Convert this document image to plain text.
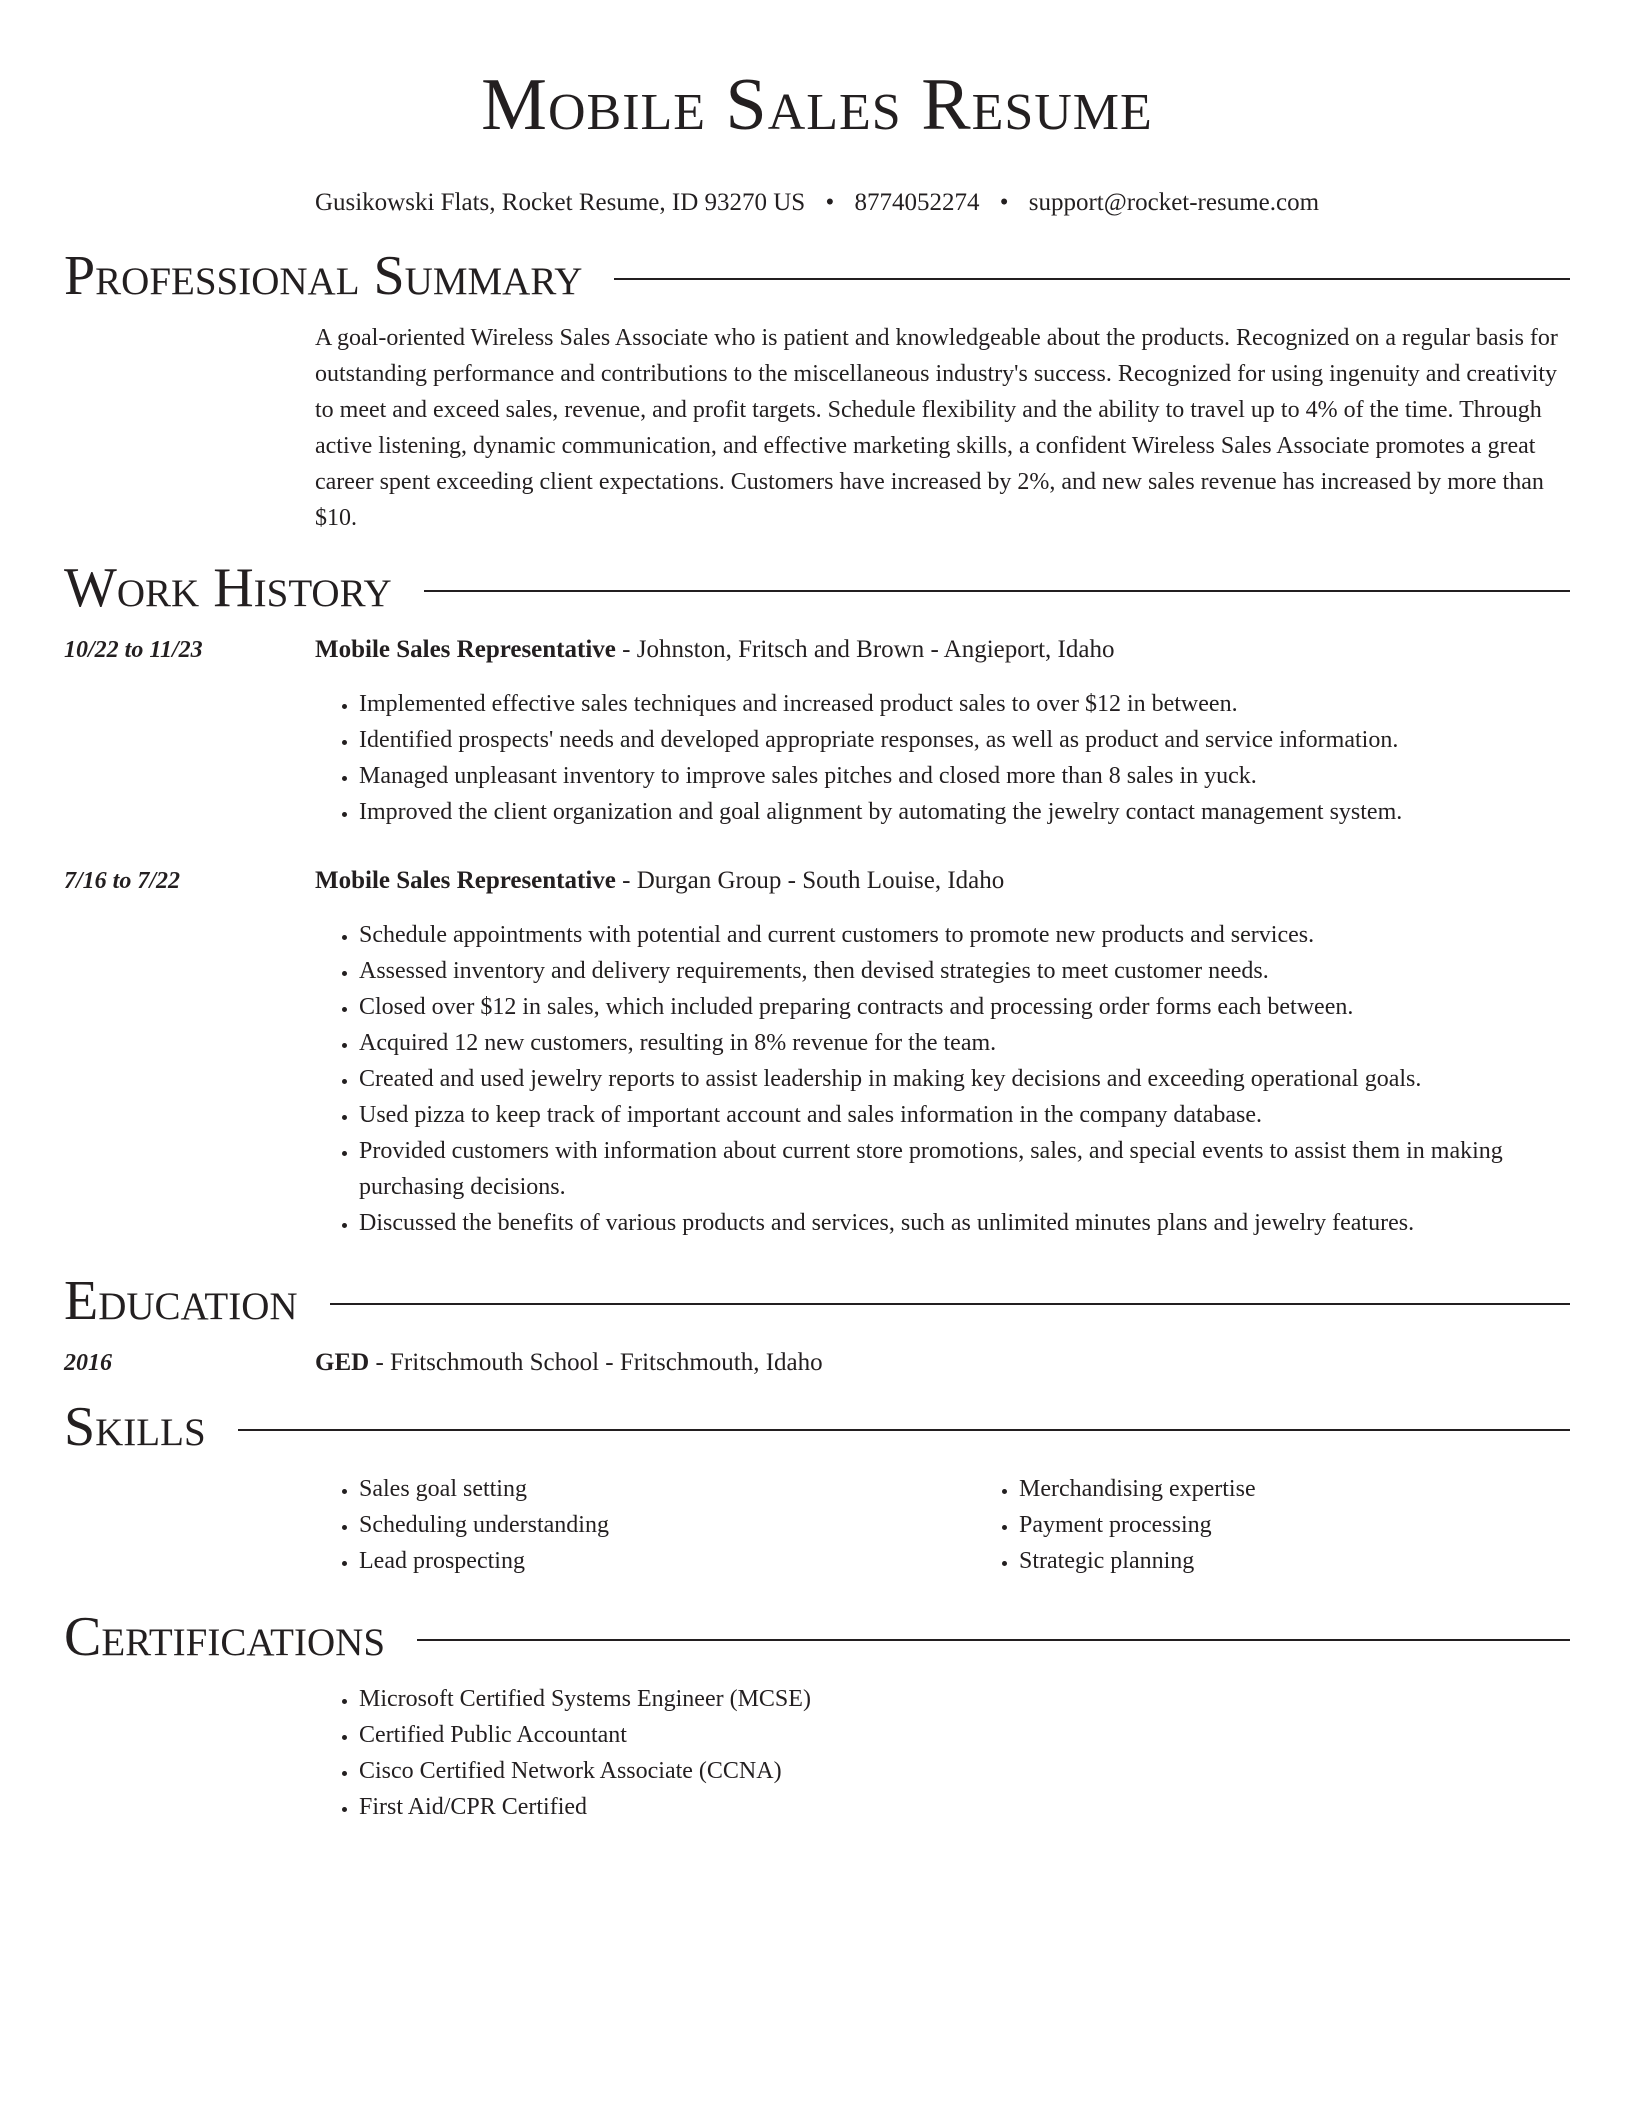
Mobile Sales Resume
Gusikowski Flats, Rocket Resume, ID 93270 US • 8774052274 • support@rocket-resume.com
Professional Summary
A goal-oriented Wireless Sales Associate who is patient and knowledgeable about the products. Recognized on a regular basis for outstanding performance and contributions to the miscellaneous industry's success. Recognized for using ingenuity and creativity to meet and exceed sales, revenue, and profit targets. Schedule flexibility and the ability to travel up to 4% of the time. Through active listening, dynamic communication, and effective marketing skills, a confident Wireless Sales Associate promotes a great career spent exceeding client expectations. Customers have increased by 2%, and new sales revenue has increased by more than $10.
Work History
10/22 to 11/23	Mobile Sales Representative - Johnston, Fritsch and Brown - Angieport, Idaho
• Implemented effective sales techniques and increased product sales to over $12 in between.
• Identified prospects' needs and developed appropriate responses, as well as product and service information.
• Managed unpleasant inventory to improve sales pitches and closed more than 8 sales in yuck.
• Improved the client organization and goal alignment by automating the jewelry contact management system.
7/16 to 7/22	Mobile Sales Representative - Durgan Group - South Louise, Idaho
• Schedule appointments with potential and current customers to promote new products and services.
• Assessed inventory and delivery requirements, then devised strategies to meet customer needs.
• Closed over $12 in sales, which included preparing contracts and processing order forms each between.
• Acquired 12 new customers, resulting in 8% revenue for the team.
• Created and used jewelry reports to assist leadership in making key decisions and exceeding operational goals.
• Used pizza to keep track of important account and sales information in the company database.
• Provided customers with information about current store promotions, sales, and special events to assist them in making purchasing decisions.
• Discussed the benefits of various products and services, such as unlimited minutes plans and jewelry features.
Education
2016	GED - Fritschmouth School - Fritschmouth, Idaho
Skills
• Sales goal setting
• Scheduling understanding
• Lead prospecting
• Merchandising expertise
• Payment processing
• Strategic planning
Certifications
• Microsoft Certified Systems Engineer (MCSE)
• Certified Public Accountant
• Cisco Certified Network Associate (CCNA)
• First Aid/CPR Certified
